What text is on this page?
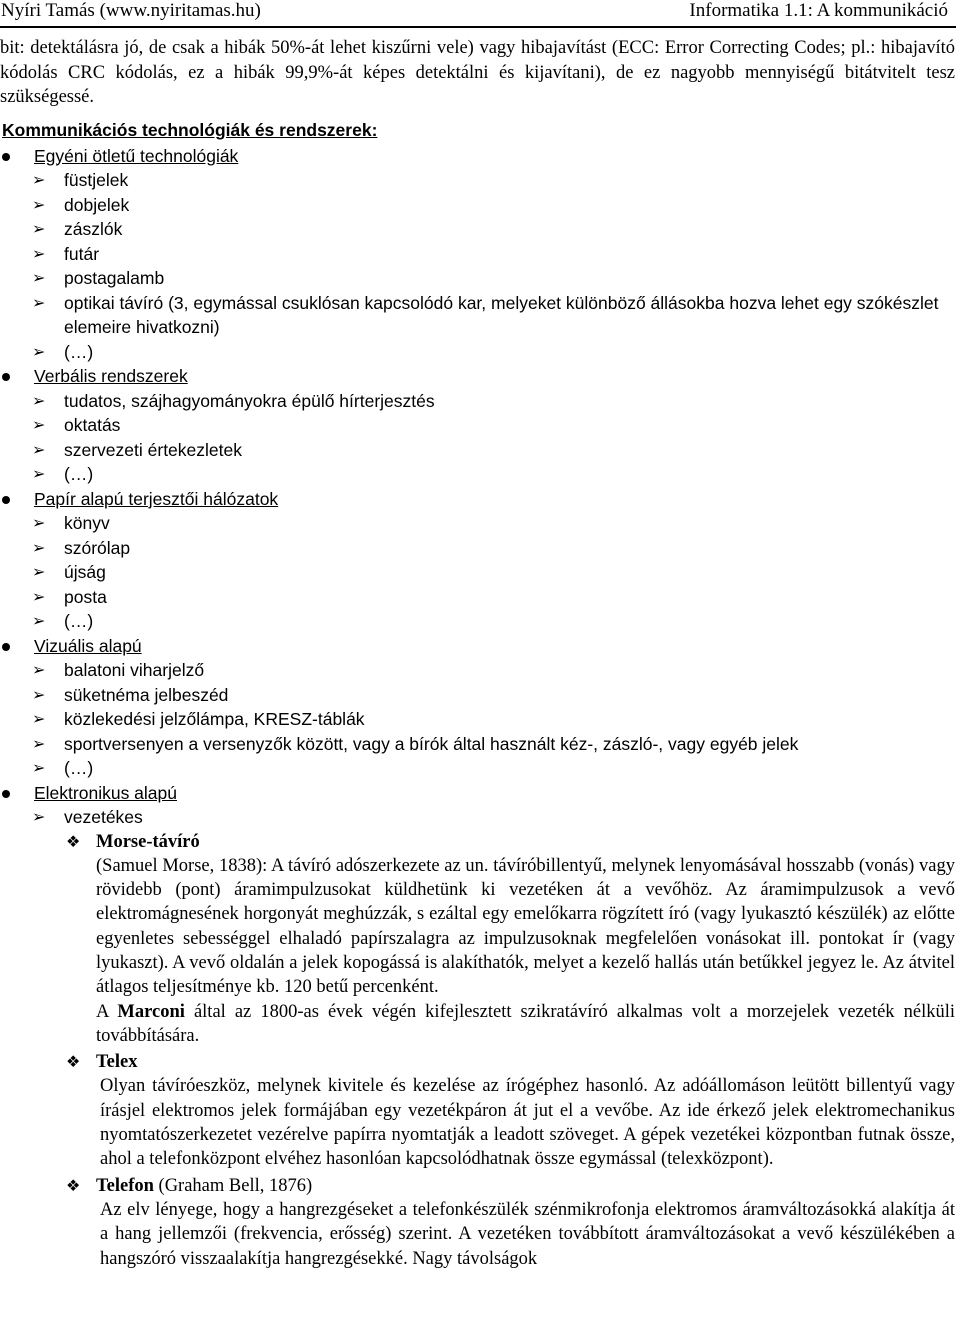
Nyíri Tamás (www.nyiritamas.hu)	Informatika 1.1: A kommunikáció

bit: detektálásra jó, de csak a hibák 50%-át lehet kiszűrni vele) vagy hibajavítást (ECC: Error Correcting Codes; pl.: hibajavító kódolás CRC kódolás, ez a hibák 99,9%-át képes detektálni és kijavítani), de ez nagyobb mennyiségű bitátvitelt tesz szükségessé.

Kommunikációs technológiák és rendszerek:
Egyéni ötletű technológiák
➢ füstjelek
➢ dobjelek
➢ zászlók
➢ futár
➢ postagalamb
➢ optikai távíró (3, egymással csuklósan kapcsolódó kar, melyeket különböző állásokba hozva lehet egy szókészlet elemeire hivatkozni)
➢ (…)
Verbális rendszerek
➢ tudatos, szájhagyományokra épülő hírterjesztés
➢ oktatás
➢ szervezeti értekezletek
➢ (…)
Papír alapú terjesztői hálózatok
➢ könyv
➢ szórólap
➢ újság
➢ posta
➢ (…)
Vizuális alapú
➢ balatoni viharjelző
➢ süketnéma jelbeszéd
➢ közlekedési jelzőlámpa, KRESZ-táblák
➢ sportversenyen a versenyzők között, vagy a bírók által használt kéz-, zászló-, vagy egyéb jelek
➢ (…)
Elektronikus alapú
➢ vezetékes
❖ Morse-távíró

(Samuel Morse, 1838): A távíró adószerkezete az un. távíróbillentyű, melynek lenyomásával hosszabb (vonás) vagy rövidebb (pont) áramimpulzusokat küldhetünk ki vezetéken át a vevőhöz. Az áramimpulzusok a vevő elektromágnesének horgonyát meghúzzák, s ezáltal egy emelőkarra rögzített író (vagy lyukasztó készülék) az előtte egyenletes sebességgel elhaladó papírszalagra az impulzusoknak megfelelően vonásokat ill. pontokat ír (vagy lyukaszt). A vevő oldalán a jelek kopogássá is alakíthatók, melyet a kezelő hallás után betűkkel jegyez le. Az átvitel átlagos teljesítménye kb. 120 betű percenként.

A Marconi által az 1800-as évek végén kifejlesztett szikratávíró alkalmas volt a morzejelek vezeték nélküli továbbítására.

❖ Telex

Olyan távíróeszköz, melynek kivitele és kezelése az írógéphez hasonló. Az adóállomáson leütött billentyű vagy írásjel elektromos jelek formájában egy vezetékpáron át jut el a vevőbe. Az ide érkező jelek elektromechanikus nyomtatószerkezetet vezérelve papírra nyomtatják a leadott szöveget. A gépek vezetékei központban futnak össze, ahol a telefonközpont elvéhez hasonlóan kapcsolódhatnak össze egymással (telexközpont).

❖ Telefon (Graham Bell, 1876)

Az elv lényege, hogy a hangrezgéseket a telefonkészülék szénmikrofonja elektromos áramváltozásokká alakítja át a hang jellemzői (frekvencia, erősség) szerint. A vezetéken továbbított áramváltozásokat a vevő készülékében a hangszóró visszaalakítja hangrezgésekké. Nagy távolságok
